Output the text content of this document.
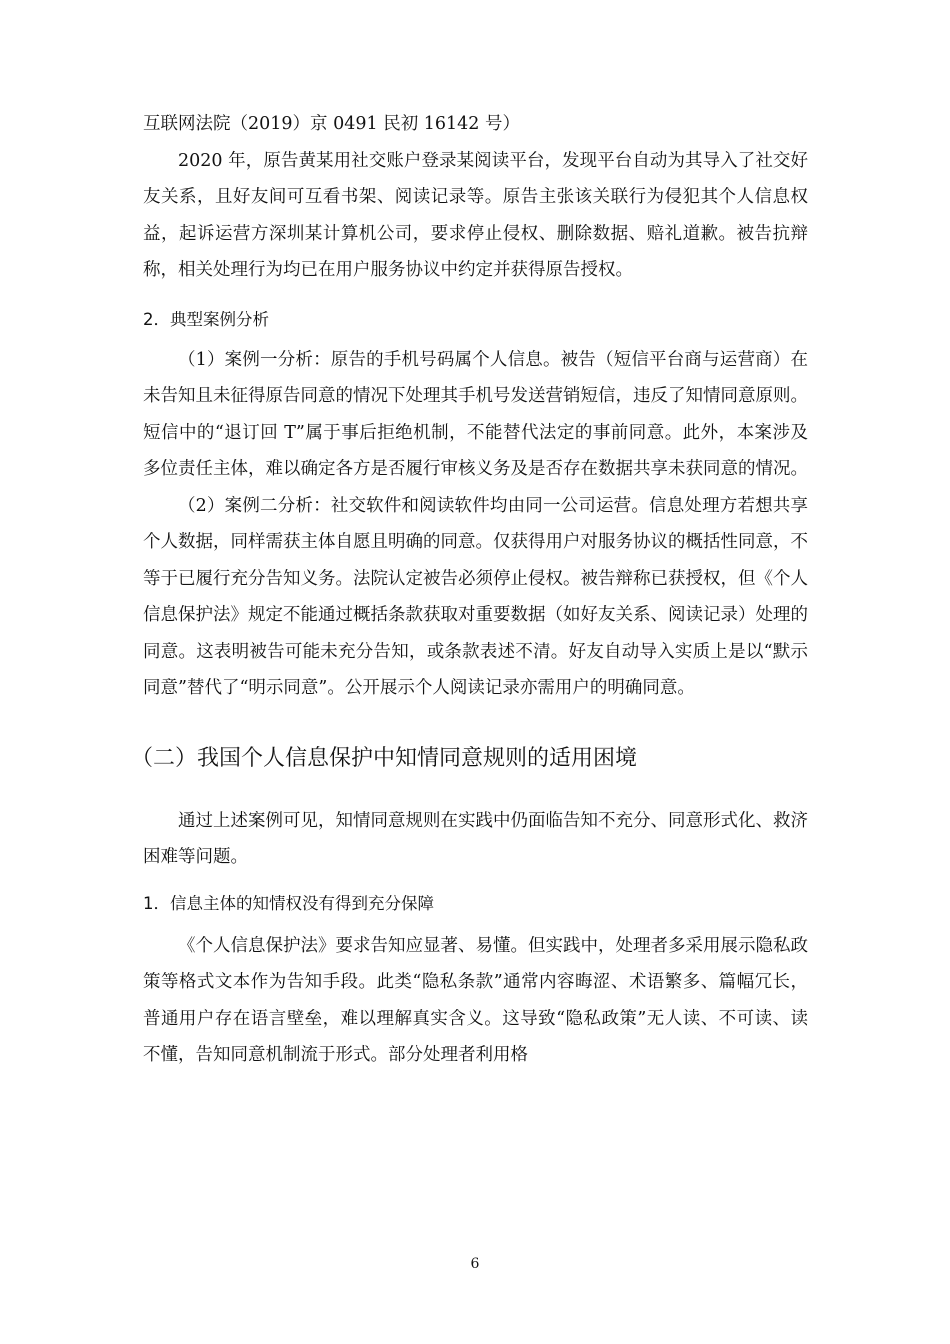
互联网法院（2019）京 0491 民初 16142 号）

2020 年，原告黄某用社交账户登录某阅读平台，发现平台自动为其导入了社交好友关系，且好友间可互看书架、阅读记录等。原告主张该关联行为侵犯其个人信息权益，起诉运营方深圳某计算机公司，要求停止侵权、删除数据、赔礼道歉。被告抗辩称，相关处理行为均已在用户服务协议中约定并获得原告授权。

2．典型案例分析

（1）案例一分析：原告的手机号码属个人信息。被告（短信平台商与运营商）在未告知且未征得原告同意的情况下处理其手机号发送营销短信，违反了知情同意原则。短信中的“退订回 T”属于事后拒绝机制，不能替代法定的事前同意。此外，本案涉及多位责任主体，难以确定各方是否履行审核义务及是否存在数据共享未获同意的情况。

（2）案例二分析：社交软件和阅读软件均由同一公司运营。信息处理方若想共享个人数据，同样需获主体自愿且明确的同意。仅获得用户对服务协议的概括性同意，不等于已履行充分告知义务。法院认定被告必须停止侵权。被告辩称已获授权，但《个人信息保护法》规定不能通过概括条款获取对重要数据（如好友关系、阅读记录）处理的同意。这表明被告可能未充分告知，或条款表述不清。好友自动导入实质上是以“默示同意”替代了“明示同意”。公开展示个人阅读记录亦需用户的明确同意。

（二）我国个人信息保护中知情同意规则的适用困境

通过上述案例可见，知情同意规则在实践中仍面临告知不充分、同意形式化、救济困难等问题。

1．信息主体的知情权没有得到充分保障

《个人信息保护法》要求告知应显著、易懂。但实践中，处理者多采用展示隐私政策等格式文本作为告知手段。此类“隐私条款”通常内容晦涩、术语繁多、篇幅冗长，普通用户存在语言壁垒，难以理解真实含义。这导致“隐私政策”无人读、不可读、读不懂，告知同意机制流于形式。部分处理者利用格

6
